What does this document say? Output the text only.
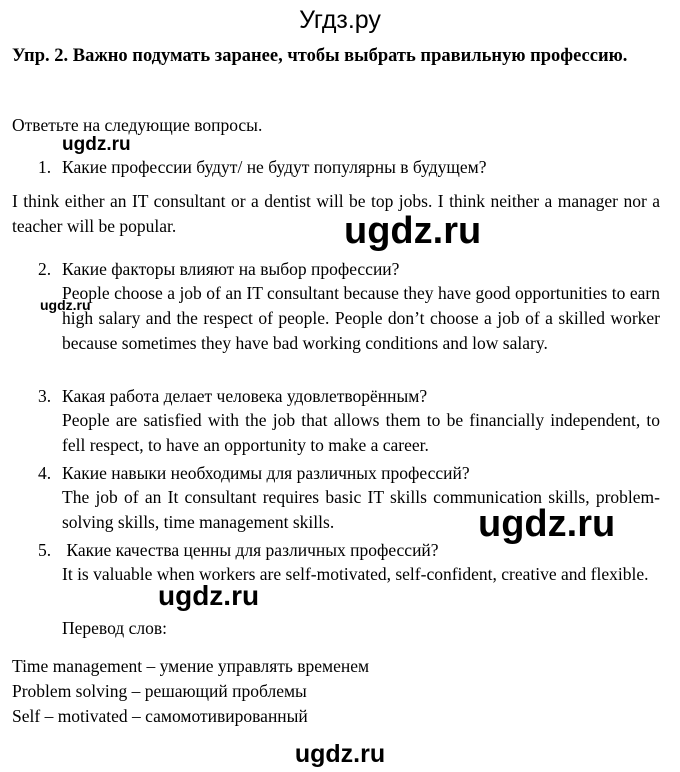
Угдз.ру
Упр. 2. Важно подумать заранее, чтобы выбрать правильную профессию.
Ответьте на следующие вопросы.
ugdz.ru
1. Какие профессии будут/ не будут популярны в будущем?
I think either an IT consultant or a dentist will be top jobs. I think neither a manager nor a teacher will be popular.	ugdz.ru
2. Какие факторы влияют на выбор профессии?
ugdz.ru
People choose a job of an IT consultant because they have good opportunities to earn high salary and the respect of people. People don’t choose a job of a skilled worker because sometimes they have bad working conditions and low salary.
3. Какая работа делает человека удовлетворённым?
People are satisfied with the job that allows them to be financially independent, to fell respect, to have an opportunity to make a career.
4. Какие навыки необходимы для различных профессий?
The job of an It consultant requires basic IT skills communication skills, problem-solving skills, time management skills.	ugdz.ru
5. Какие качества ценны для различных профессий?
It is valuable when workers are self-motivated, self-confident, creative and flexible.
ugdz.ru
Перевод слов:
Time management – умение управлять временем
Problem solving – решающий проблемы
Self – motivated – самомотивированный
ugdz.ru
